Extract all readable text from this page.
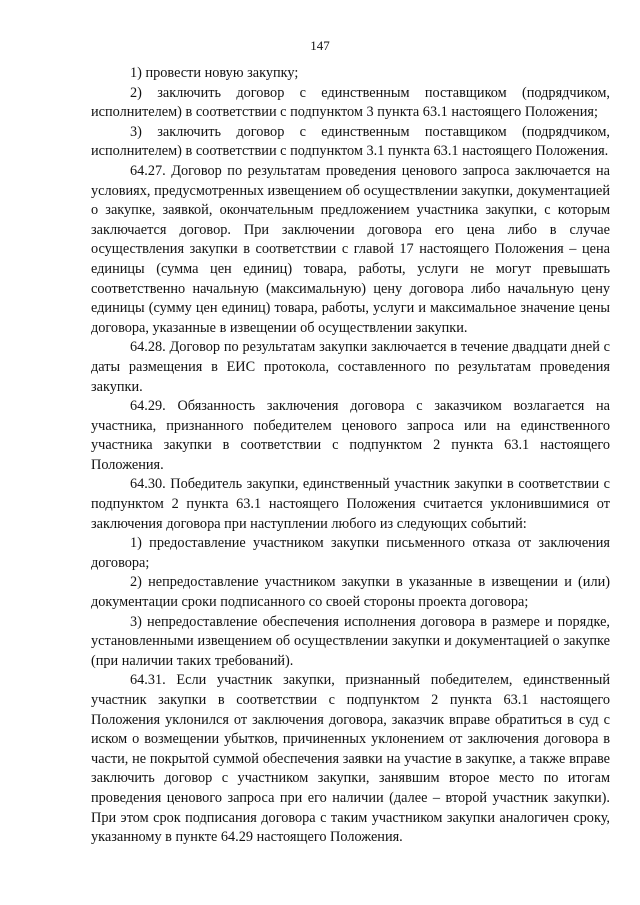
147

1) провести новую закупку;

2) заключить договор с единственным поставщиком (подрядчиком, исполнителем) в соответствии с подпунктом 3 пункта 63.1 настоящего Положения;

3) заключить договор с единственным поставщиком (подрядчиком, исполнителем) в соответствии с подпунктом 3.1 пункта 63.1 настоящего Положения.

64.27. Договор по результатам проведения ценового запроса заключается на условиях, предусмотренных извещением об осуществлении закупки, документацией о закупке, заявкой, окончательным предложением участника закупки, с которым заключается договор. При заключении договора его цена либо в случае осуществления закупки в соответствии с главой 17 настоящего Положения – цена единицы (сумма цен единиц) товара, работы, услуги не могут превышать соответственно начальную (максимальную) цену договора либо начальную цену единицы (сумму цен единиц) товара, работы, услуги и максимальное значение цены договора, указанные в извещении об осуществлении закупки.

64.28. Договор по результатам закупки заключается в течение двадцати дней с даты размещения в ЕИС протокола, составленного по результатам проведения закупки.

64.29. Обязанность заключения договора с заказчиком возлагается на участника, признанного победителем ценового запроса или на единственного участника закупки в соответствии с подпунктом 2 пункта 63.1 настоящего Положения.

64.30. Победитель закупки, единственный участник закупки в соответствии с подпунктом 2 пункта 63.1 настоящего Положения считается уклонившимися от заключения договора при наступлении любого из следующих событий:

1) предоставление участником закупки письменного отказа от заключения договора;

2) непредоставление участником закупки в указанные в извещении и (или) документации сроки подписанного со своей стороны проекта договора;

3) непредоставление обеспечения исполнения договора в размере и порядке, установленными извещением об осуществлении закупки и документацией о закупке (при наличии таких требований).

64.31. Если участник закупки, признанный победителем, единственный участник закупки в соответствии с подпунктом 2 пункта 63.1 настоящего Положения уклонился от заключения договора, заказчик вправе обратиться в суд с иском о возмещении убытков, причиненных уклонением от заключения договора в части, не покрытой суммой обеспечения заявки на участие в закупке, а также вправе заключить договор с участником закупки, занявшим второе место по итогам проведения ценового запроса при его наличии (далее – второй участник закупки). При этом срок подписания договора с таким участником закупки аналогичен сроку, указанному в пункте 64.29 настоящего Положения.
